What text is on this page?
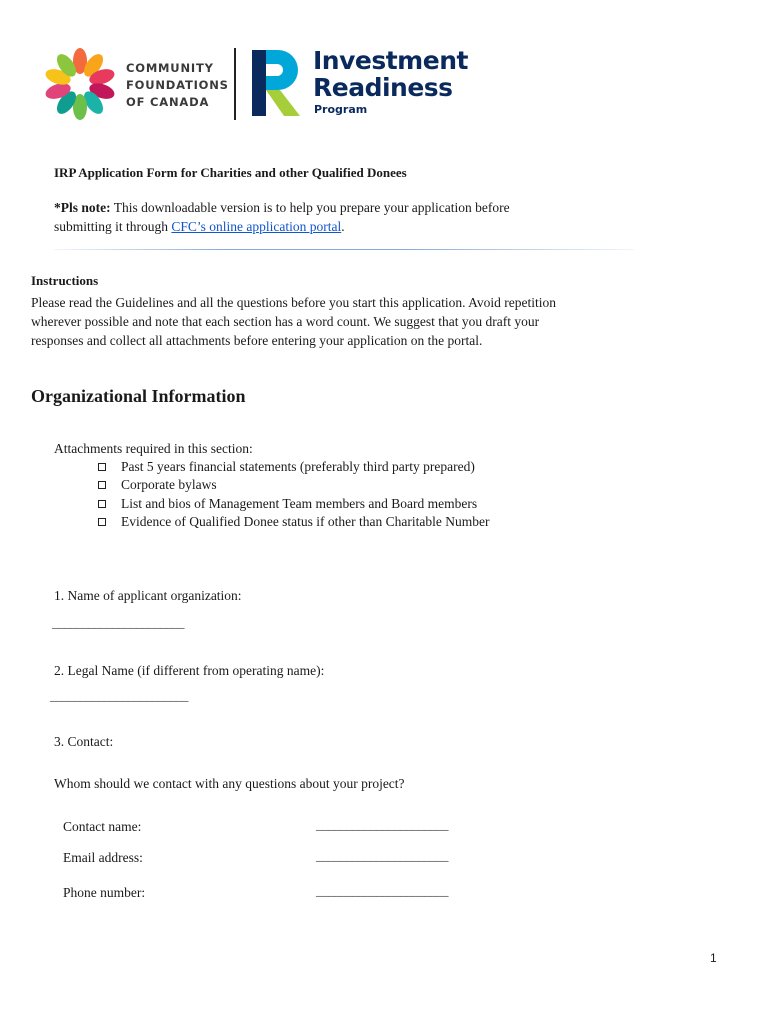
COMMUNITY
FOUNDATIONS
OF CANADA
Investment
Readiness
Program
IRP Application Form for Charities and other Qualified Donees
*Pls note: This downloadable version is to help you prepare your application before
submitting it through CFC’s online application portal.
Instructions
Please read the Guidelines and all the questions before you start this application. Avoid repetition
wherever possible and note that each section has a word count. We suggest that you draft your
responses and collect all attachments before entering your application on the portal.
Organizational Information
Attachments required in this section:
Past 5 years financial statements (preferably third party prepared)
Corporate bylaws
List and bios of Management Team members and Board members
Evidence of Qualified Donee status if other than Charitable Number
1. Name of applicant organization:
______________________
2. Legal Name (if different from operating name):
_______________________
3. Contact:
Whom should we contact with any questions about your project?
Contact name:	______________________
Email address:	______________________
Phone number:	______________________
1
